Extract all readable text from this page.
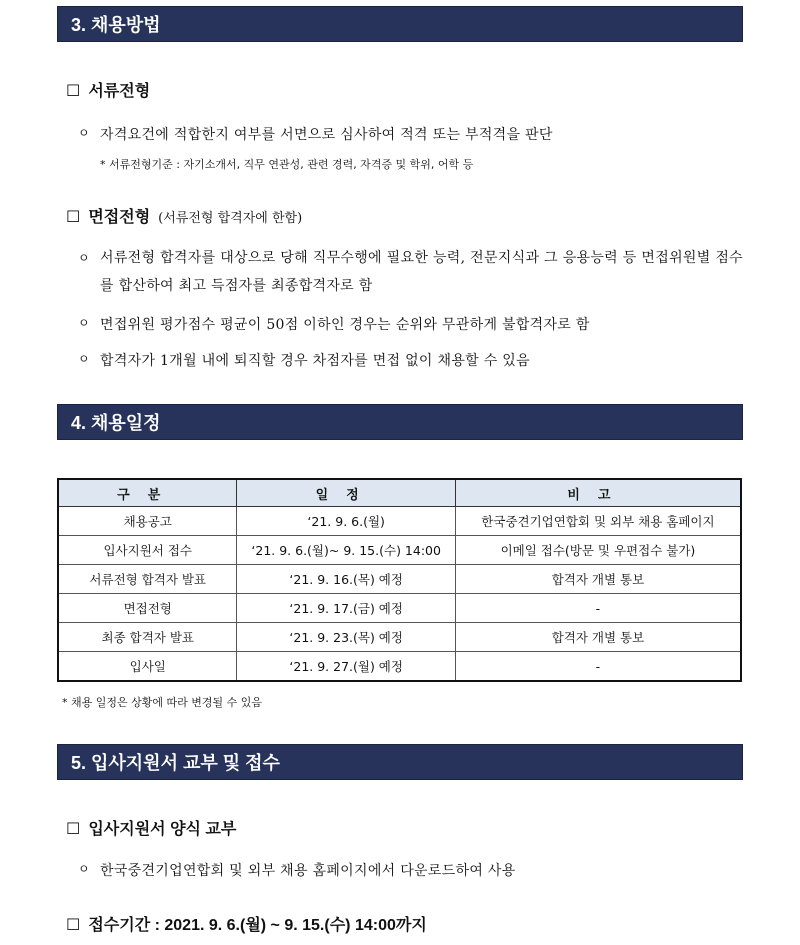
3. 채용방법
☐ 서류전형
ㅇ 자격요건에 적합한지 여부를 서면으로 심사하여 적격 또는 부적격을 판단
* 서류전형기준 : 자기소개서, 직무 연관성, 관련 경력, 자격증 및 학위, 어학 등
☐ 면접전형 (서류전형 합격자에 한함)
ㅇ 서류전형 합격자를 대상으로 당해 직무수행에 필요한 능력, 전문지식과 그 응용능력 등 면접위원별 점수를 합산하여 최고 득점자를 최종합격자로 함
ㅇ 면접위원 평가점수 평균이 50점 이하인 경우는 순위와 무관하게 불합격자로 함
ㅇ 합격자가 1개월 내에 퇴직할 경우 차점자를 면접 없이 채용할 수 있음
4. 채용일정
구분	일정	비고
채용공고	‘21. 9. 6.(월)	한국중견기업연합회 및 외부 채용 홈페이지
입사지원서 접수	‘21. 9. 6.(월)~ 9. 15.(수) 14:00	이메일 접수(방문 및 우편접수 불가)
서류전형 합격자 발표	‘21. 9. 16.(목) 예정	합격자 개별 통보
면접전형	‘21. 9. 17.(금) 예정	-
최종 합격자 발표	‘21. 9. 23.(목) 예정	합격자 개별 통보
입사일	‘21. 9. 27.(월) 예정	-
* 채용 일정은 상황에 따라 변경될 수 있음
5. 입사지원서 교부 및 접수
☐ 입사지원서 양식 교부
ㅇ 한국중견기업연합회 및 외부 채용 홈페이지에서 다운로드하여 사용
☐ 접수기간 : 2021. 9. 6.(월) ~ 9. 15.(수) 14:00까지
